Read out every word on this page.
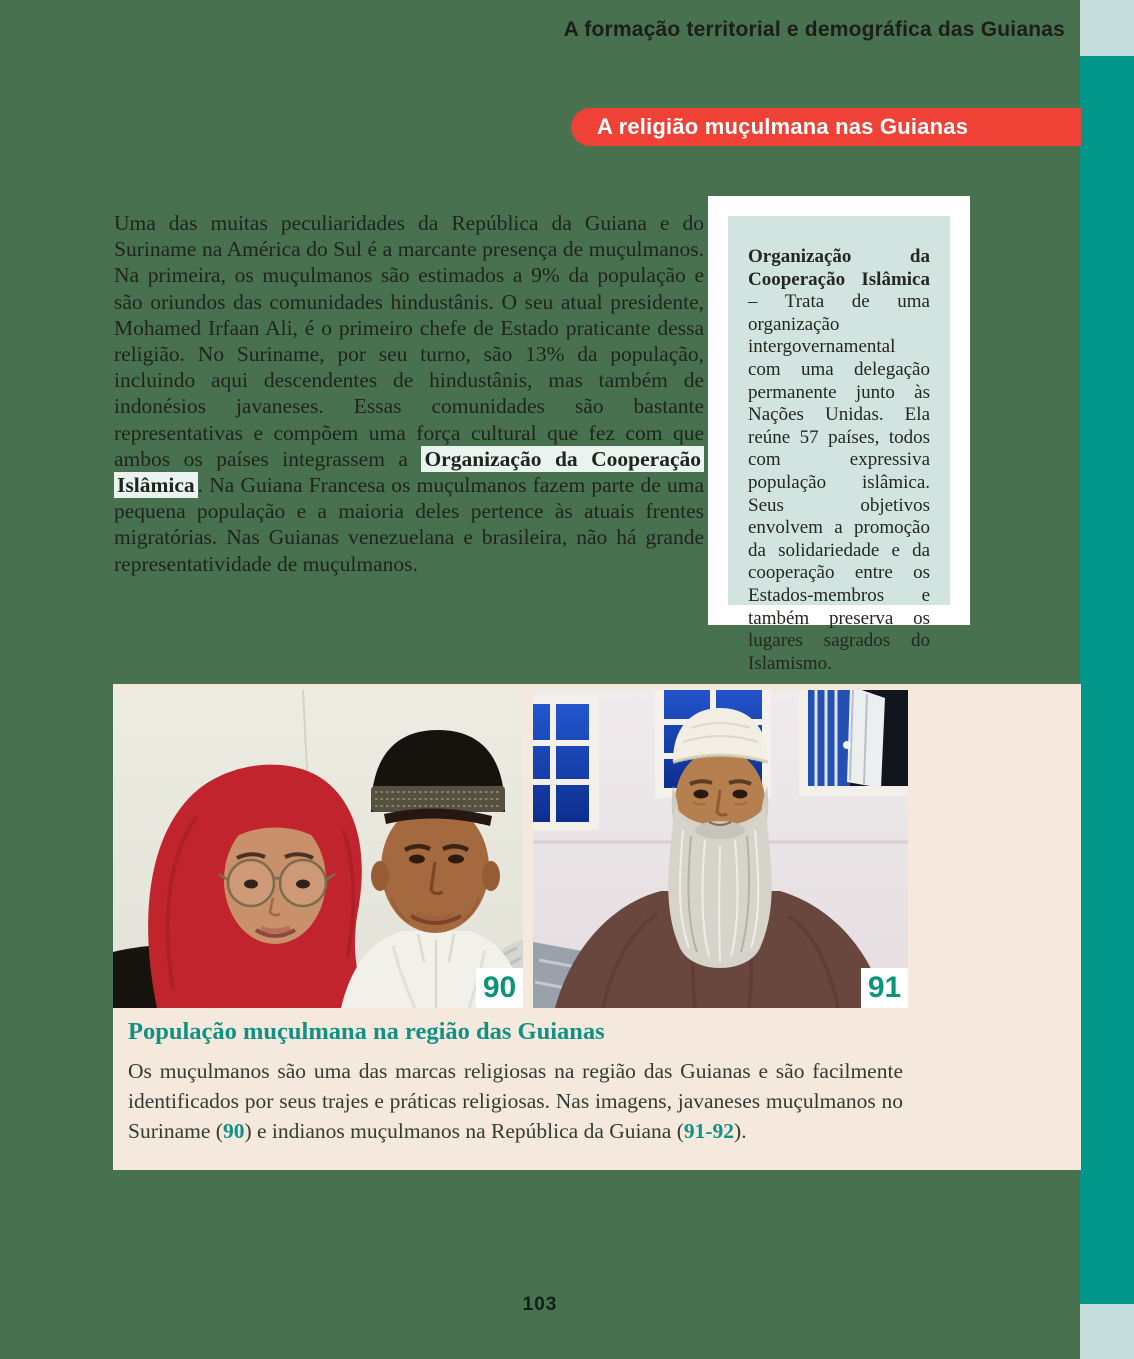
A formação territorial e demográfica das Guianas
A religião muçulmana nas Guianas

Uma das muitas peculiaridades da República da Guiana e do Suriname na América do Sul é a marcante presença de muçulmanos. Na primeira, os muçulmanos são estimados a 9% da população e são oriundos das comunidades hindustânis. O seu atual presidente, Mohamed Irfaan Ali, é o primeiro chefe de Estado praticante dessa religião. No Suriname, por seu turno, são 13% da população, incluindo aqui descendentes de hindustânis, mas também de indonésios javaneses. Essas comunidades são bastante representativas e compõem uma força cultural que fez com que ambos os países integrassem a Organização da Cooperação Islâmica . Na Guiana Francesa os muçulmanos fazem parte de uma pequena população e a maioria deles pertence às atuais frentes migratórias. Nas Guianas venezuelana e brasileira, não há grande representatividade de muçulmanos.

Organização da Cooperação Islâmica – Trata de uma organização intergovernamental com uma delegação permanente junto às Nações Unidas. Ela reúne 57 países, todos com expressiva população islâmica. Seus objetivos envolvem a promoção da solidariedade e da cooperação entre os Estados-membros e também preserva os lugares sagrados do Islamismo.

90	91
População muçulmana na região das Guianas

Os muçulmanos são uma das marcas religiosas na região das Guianas e são facilmente identificados por seus trajes e práticas religiosas. Nas imagens, javaneses muçulmanos no Suriname (90) e indianos muçulmanos na República da Guiana (91-92).

103
